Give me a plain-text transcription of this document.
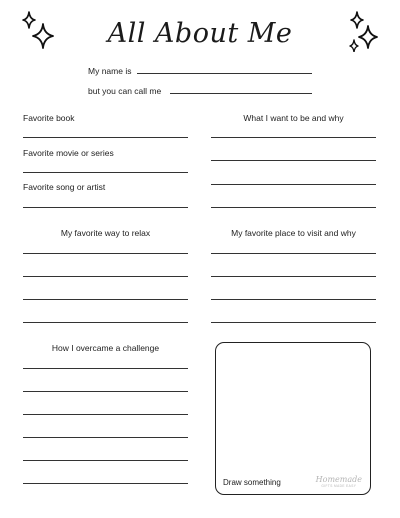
All About Me
My name is
but you can call me
Favorite book
Favorite movie or series
Favorite song or artist
What I want to be and why
My favorite way to relax	My favorite place to visit and why
How I overcame a challenge
Draw something	Homemade
GIFTS MADE EASY
